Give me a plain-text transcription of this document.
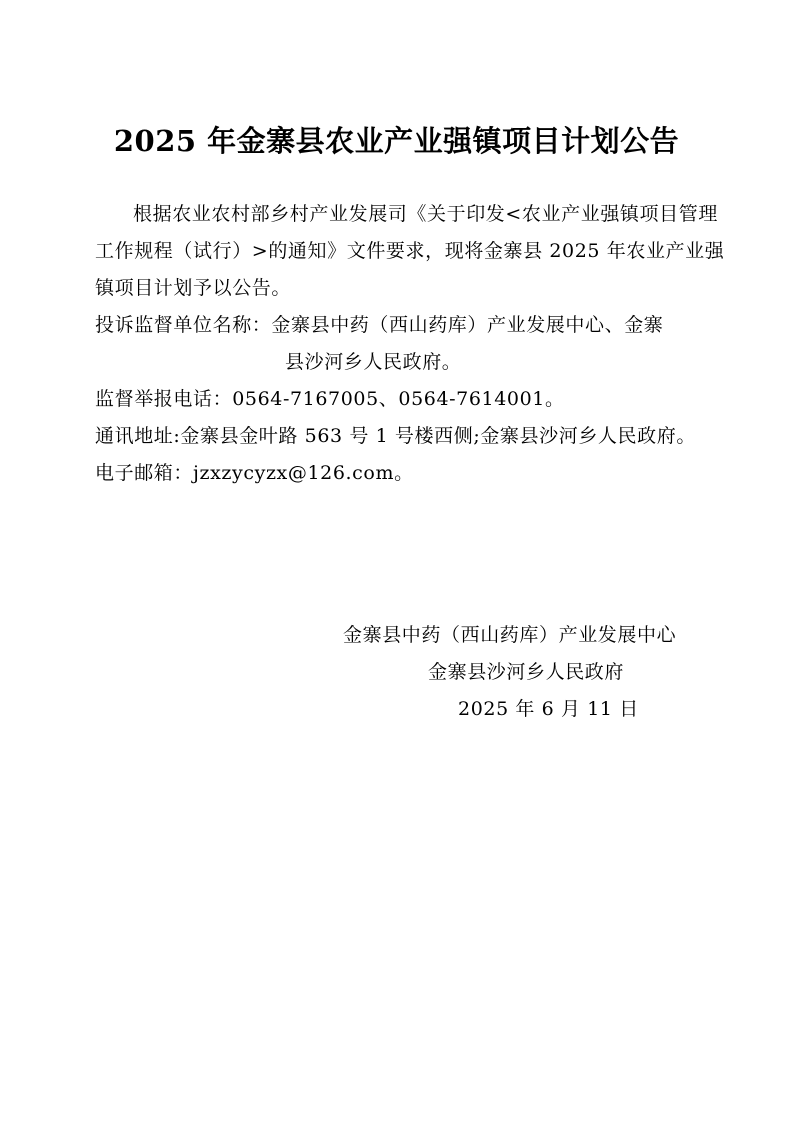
2025 年金寨县农业产业强镇项目计划公告

根据农业农村部乡村产业发展司《关于印发<农业产业强镇项目管理工作规程（试行）>的通知》文件要求，现将金寨县 2025 年农业产业强镇项目计划予以公告。

投诉监督单位名称：金寨县中药（西山药库）产业发展中心、金寨

县沙河乡人民政府。

监督举报电话：0564-7167005、0564-7614001。

通讯地址:金寨县金叶路 563 号 1 号楼西侧;金寨县沙河乡人民政府。

电子邮箱：jzxzycyzx@126.com。

金寨县中药（西山药库）产业发展中心

金寨县沙河乡人民政府

2025 年 6 月 11 日
